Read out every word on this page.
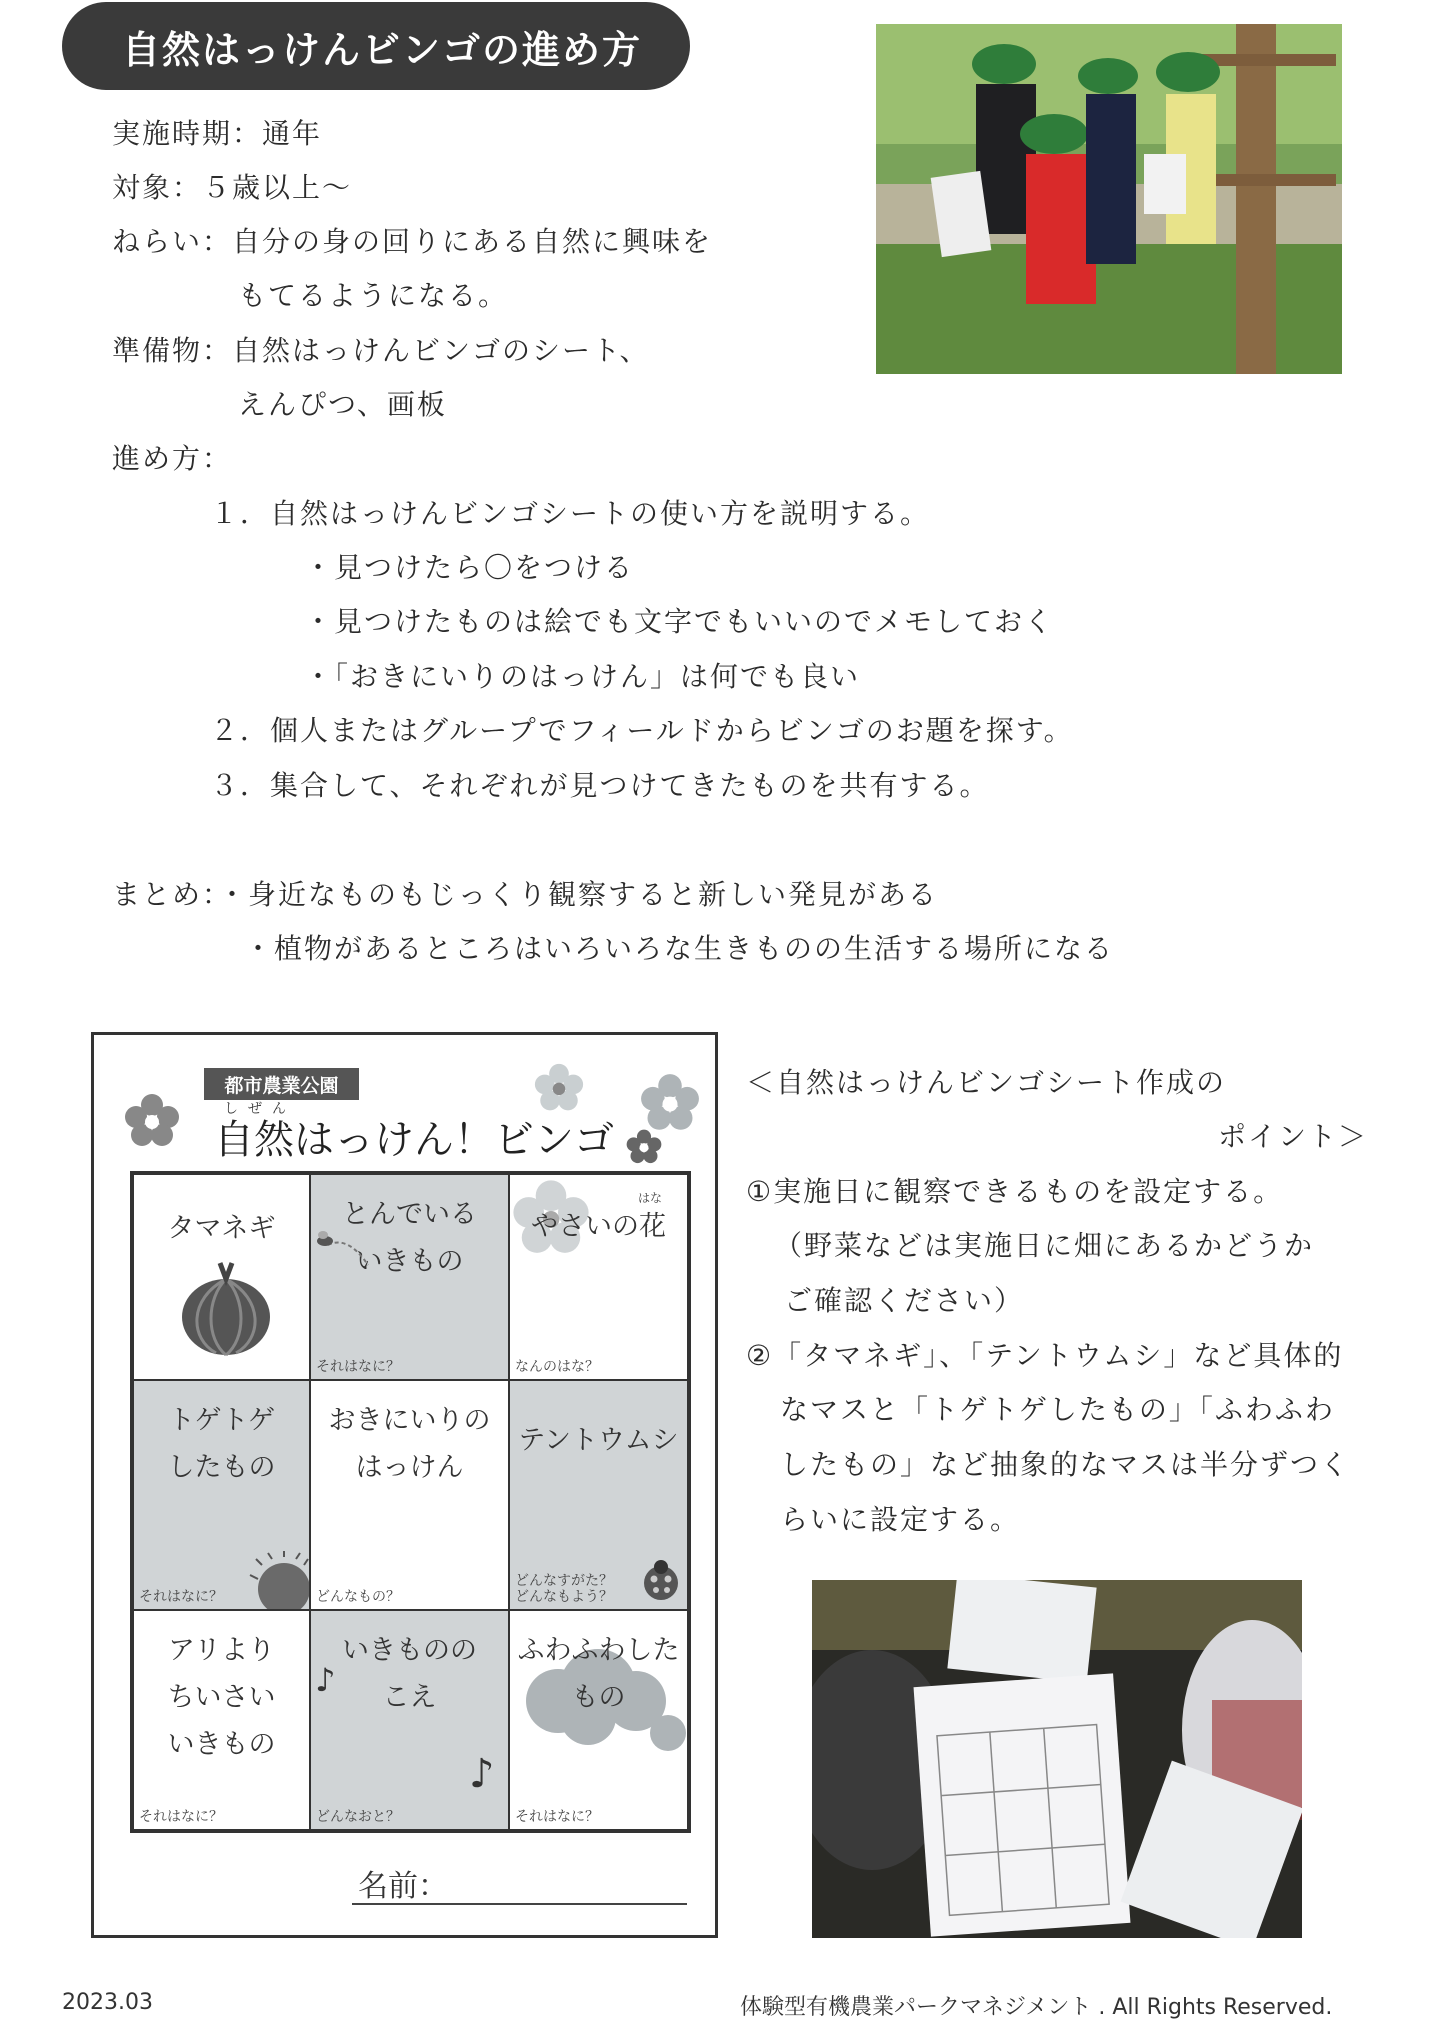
自然はっけんビンゴの進め方
実施時期：通年
対象：５歳以上～
ねらい：自分の身の回りにある自然に興味を
もてるようになる。
準備物：自然はっけんビンゴのシート、
えんぴつ、画板
進め方：
１．自然はっけんビンゴシートの使い方を説明する。
・見つけたら〇をつける
・見つけたものは絵でも文字でもいいのでメモしておく
・「おきにいりのはっけん」は何でも良い
２．個人またはグループでフィールドからビンゴのお題を探す。
３．集合して、それぞれが見つけてきたものを共有する。
まとめ：・身近なものもじっくり観察すると新しい発見がある
・植物があるところはいろいろな生きものの生活する場所になる
都市農業公園
しぜん
自然はっけん！ビンゴ
タマネギ	とんでいる
いきもの
それはなに？
はな
やさいの花
なんのはな？
トゲトゲ
したもの
それはなに？
おきにいりの
はっけん
どんなもの？
テントウムシ
どんなすがた？
どんなもよう？
アリより
ちいさい
いきもの
それはなに？
いきものの
こえ
♪
♪
どんなおと？
ふわふわした
もの
それはなに？
名前：
＜自然はっけんビンゴシート作成の
ポイント＞
①実施日に観察できるものを設定する。
（野菜などは実施日に畑にあるかどうか
ご確認ください）
②「タマネギ」、「テントウムシ」など具体的
なマスと「トゲトゲしたもの」「ふわふわ
したもの」など抽象的なマスは半分ずつく
らいに設定する。
2023.03	体験型有機農業パークマネジメント . All Rights Reserved.
